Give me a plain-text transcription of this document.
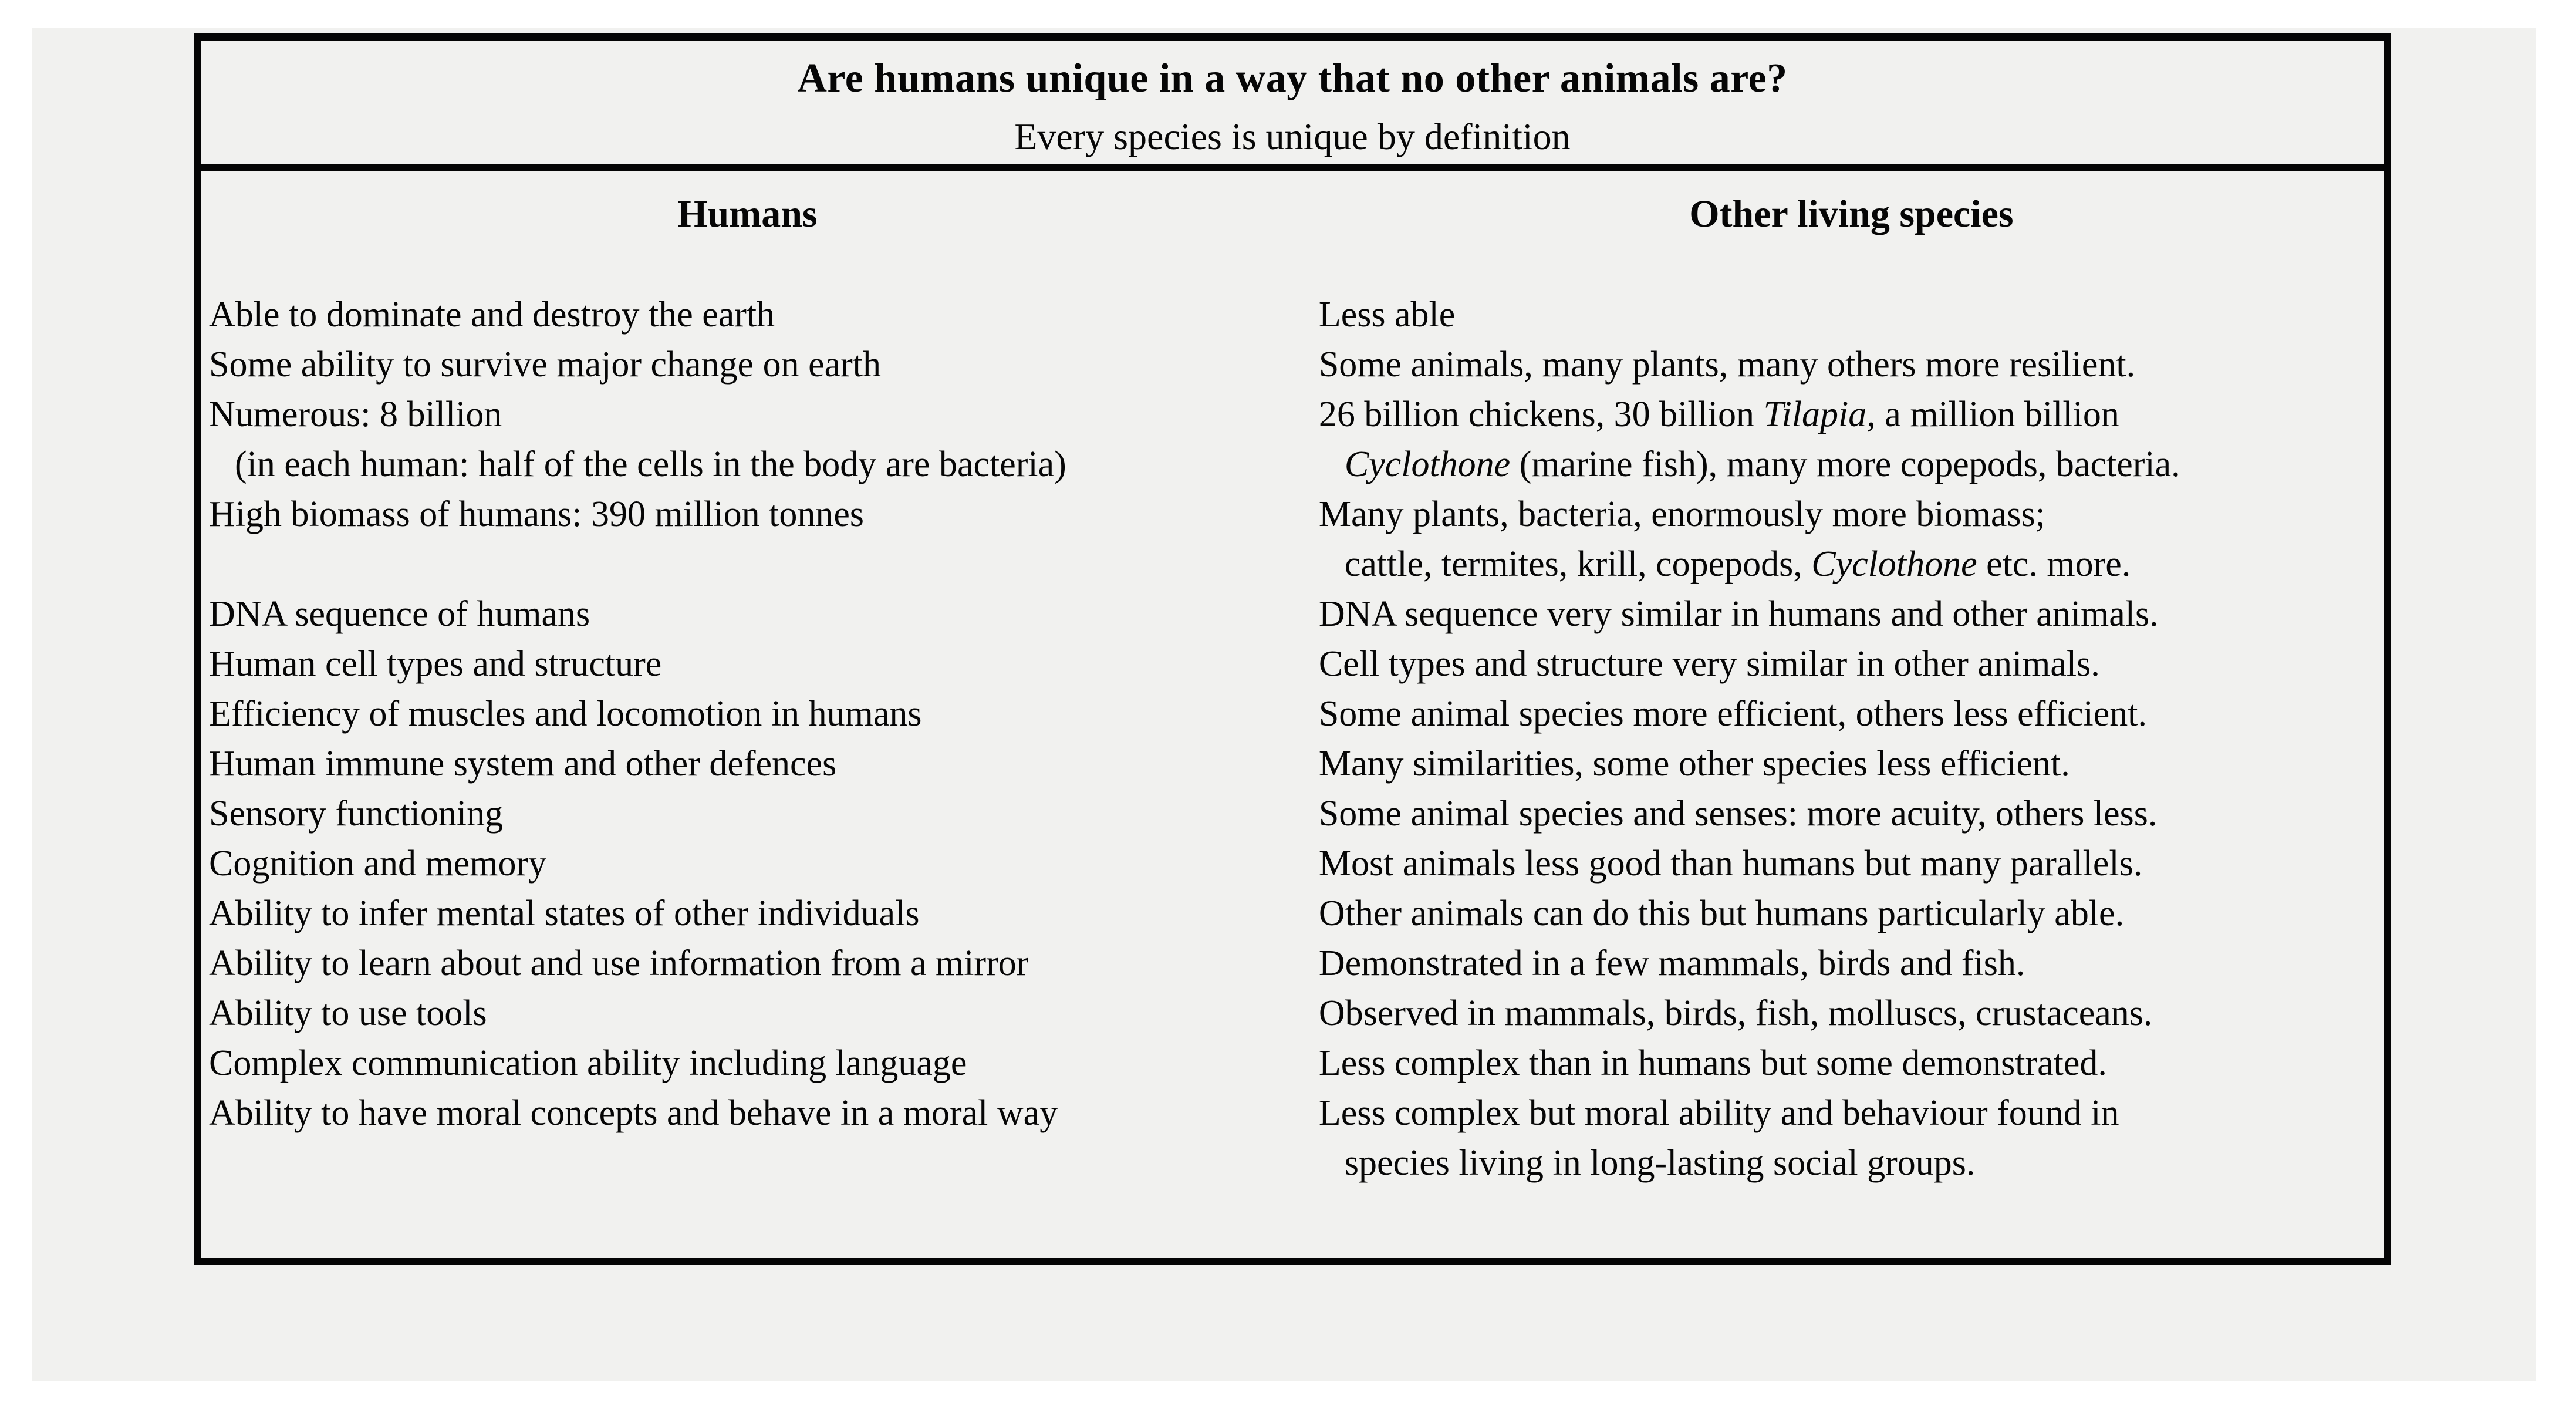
Are humans unique in a way that no other animals are?
Every species is unique by definition
Humans
Able to dominate and destroy the earth
Some ability to survive major change on earth
Numerous: 8 billion
(in each human: half of the cells in the body are bacteria)
High biomass of humans: 390 million tonnes

DNA sequence of humans
Human cell types and structure
Efficiency of muscles and locomotion in humans
Human immune system and other defences
Sensory functioning
Cognition and memory
Ability to infer mental states of other individuals
Ability to learn about and use information from a mirror
Ability to use tools
Complex communication ability including language
Ability to have moral concepts and behave in a moral way
Other living species
Less able
Some animals, many plants, many others more resilient.
26 billion chickens, 30 billion Tilapia, a million billion
Cyclothone (marine fish), many more copepods, bacteria.
Many plants, bacteria, enormously more biomass;
cattle, termites, krill, copepods, Cyclothone etc. more.
DNA sequence very similar in humans and other animals.
Cell types and structure very similar in other animals.
Some animal species more efficient, others less efficient.
Many similarities, some other species less efficient.
Some animal species and senses: more acuity, others less.
Most animals less good than humans but many parallels.
Other animals can do this but humans particularly able.
Demonstrated in a few mammals, birds and fish.
Observed in mammals, birds, fish, molluscs, crustaceans.
Less complex than in humans but some demonstrated.
Less complex but moral ability and behaviour found in
species living in long-lasting social groups.
